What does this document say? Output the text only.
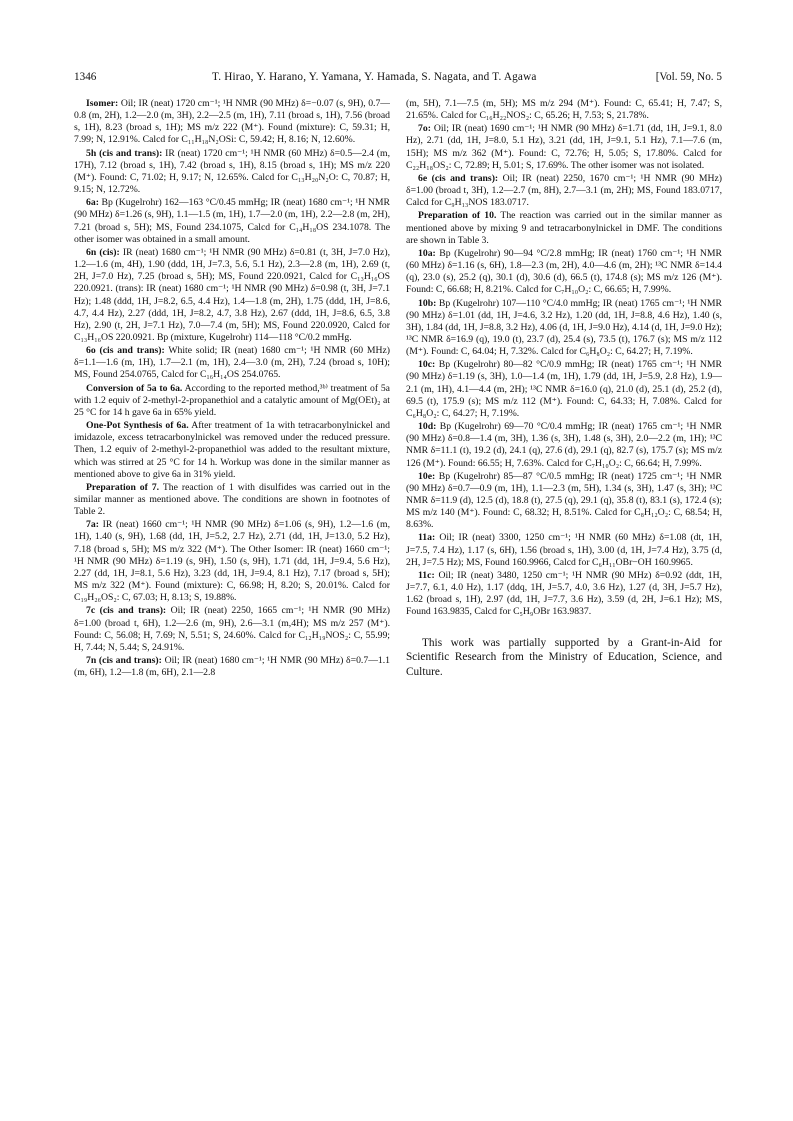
1346	T. Hirao, Y. Harano, Y. Yamana, Y. Hamada, S. Nagata, and T. Agawa	[Vol. 59, No. 5

Isomer: Oil; IR (neat) 1720 cm⁻¹; ¹H NMR (90 MHz) δ=−0.07 (s, 9H), 0.7—0.8 (m, 2H), 1.2—2.0 (m, 3H), 2.2—2.5 (m, 1H), 7.11 (broad s, 1H), 7.56 (broad s, 1H), 8.23 (broad s, 1H); MS m/z 222 (M⁺). Found (mixture): C, 59.31; H, 7.99; N, 12.91%. Calcd for C₁₁H₁₈N₂OSi: C, 59.42; H, 8.16; N, 12.60%.

5h (cis and trans): IR (neat) 1720 cm⁻¹; ¹H NMR (60 MHz) δ=0.5—2.4 (m, 17H), 7.12 (broad s, 1H), 7.42 (broad s, 1H), 8.15 (broad s, 1H); MS m/z 220 (M⁺). Found: C, 71.02; H, 9.17; N, 12.65%. Calcd for C₁₃H₂₀N₂O: C, 70.87; H, 9.15; N, 12.72%.

6a: Bp (Kugelrohr) 162—163 °C/0.45 mmHg; IR (neat) 1680 cm⁻¹; ¹H NMR (90 MHz) δ=1.26 (s, 9H), 1.1—1.5 (m, 1H), 1.7—2.0 (m, 1H), 2.2—2.8 (m, 2H), 7.21 (broad s, 5H); MS, Found 234.1075, Calcd for C₁₄H₁₈OS 234.1078. The other isomer was obtained in a small amount.

6n (cis): IR (neat) 1680 cm⁻¹; ¹H NMR (90 MHz) δ=0.81 (t, 3H, J=7.0 Hz), 1.2—1.6 (m, 4H), 1.90 (ddd, 1H, J=7.3, 5.6, 5.1 Hz), 2.3—2.8 (m, 1H), 2.69 (t, 2H, J=7.0 Hz), 7.25 (broad s, 5H); MS, Found 220.0921, Calcd for C₁₃H₁₆OS 220.0921. (trans): IR (neat) 1680 cm⁻¹; ¹H NMR (90 MHz) δ=0.98 (t, 3H, J=7.1 Hz); 1.48 (ddd, 1H, J=8.2, 6.5, 4.4 Hz), 1.4—1.8 (m, 2H), 1.75 (ddd, 1H, J=8.6, 4.7, 4.4 Hz), 2.27 (ddd, 1H, J=8.2, 4.7, 3.8 Hz), 2.67 (ddd, 1H, J=8.6, 6.5, 3.8 Hz), 2.90 (t, 2H, J=7.1 Hz), 7.0—7.4 (m, 5H); MS, Found 220.0920, Calcd for C₁₃H₁₆OS 220.0921. Bp (mixture, Kugelrohr) 114—118 °C/0.2 mmHg.

6o (cis and trans): White solid; IR (neat) 1680 cm⁻¹; ¹H NMR (60 MHz) δ=1.1—1.6 (m, 1H), 1.7—2.1 (m, 1H), 2.4—3.0 (m, 2H), 7.24 (broad s, 10H); MS, Found 254.0765, Calcd for C₁₆H₁₄OS 254.0765.

Conversion of 5a to 6a. According to the reported method,³ᵇ⁾ treatment of 5a with 1.2 equiv of 2-methyl-2-propanethiol and a catalytic amount of Mg(OEt)₂ at 25 °C for 14 h gave 6a in 65% yield.

One-Pot Synthesis of 6a. After treatment of 1a with tetracarbonylnickel and imidazole, excess tetracarbonylnickel was removed under the reduced pressure. Then, 1.2 equiv of 2-methyl-2-propanethiol was added to the resultant mixture, which was stirred at 25 °C for 14 h. Workup was done in the similar manner as mentioned above to give 6a in 31% yield.

Preparation of 7. The reaction of 1 with disulfides was carried out in the similar manner as mentioned above. The conditions are shown in footnotes of Table 2.

7a: IR (neat) 1660 cm⁻¹; ¹H NMR (90 MHz) δ=1.06 (s, 9H), 1.2—1.6 (m, 1H), 1.40 (s, 9H), 1.68 (dd, 1H, J=5.2, 2.7 Hz), 2.71 (dd, 1H, J=13.0, 5.2 Hz), 7.18 (broad s, 5H); MS m/z 322 (M⁺). The Other Isomer: IR (neat) 1660 cm⁻¹; ¹H NMR (90 MHz) δ=1.19 (s, 9H), 1.50 (s, 9H), 1.71 (dd, 1H, J=9.4, 5.6 Hz), 2.27 (dd, 1H, J=8.1, 5.6 Hz), 3.23 (dd, 1H, J=9.4, 8.1 Hz), 7.17 (broad s, 5H); MS m/z 322 (M⁺). Found (mixture): C, 66.98; H, 8.20; S, 20.01%. Calcd for C₁₉H₂₆OS₂: C, 67.03; H, 8.13; S, 19.88%.

7c (cis and trans): Oil; IR (neat) 2250, 1665 cm⁻¹; ¹H NMR (90 MHz) δ=1.00 (broad t, 6H), 1.2—2.6 (m, 9H), 2.6—3.1 (m,4H); MS m/z 257 (M⁺). Found: C, 56.08; H, 7.69; N, 5.51; S, 24.60%. Calcd for C₁₂H₁₉NOS₂: C, 55.99; H, 7.44; N, 5.44; S, 24.91%.

7n (cis and trans): Oil; IR (neat) 1680 cm⁻¹; ¹H NMR (90 MHz) δ=0.7—1.1 (m, 6H), 1.2—1.8 (m, 6H), 2.1—2.8

(m, 5H), 7.1—7.5 (m, 5H); MS m/z 294 (M⁺). Found: C, 65.41; H, 7.47; S, 21.65%. Calcd for C₁₆H₂₂NOS₂: C, 65.26; H, 7.53; S, 21.78%.

7o: Oil; IR (neat) 1690 cm⁻¹; ¹H NMR (90 MHz) δ=1.71 (dd, 1H, J=9.1, 8.0 Hz), 2.71 (dd, 1H, J=8.0, 5.1 Hz), 3.21 (dd, 1H, J=9.1, 5.1 Hz), 7.1—7.6 (m, 15H); MS m/z 362 (M⁺). Found: C, 72.76; H, 5.05; S, 17.80%. Calcd for C₂₂H₁₈OS₂: C, 72.89; H, 5.01; S, 17.69%. The other isomer was not isolated.

6e (cis and trans): Oil; IR (neat) 2250, 1670 cm⁻¹; ¹H NMR (90 MHz) δ=1.00 (broad t, 3H), 1.2—2.7 (m, 8H), 2.7—3.1 (m, 2H); MS, Found 183.0717, Calcd for C₉H₁₃NOS 183.0717.

Preparation of 10. The reaction was carried out in the similar manner as mentioned above by mixing 9 and tetracarbonylnickel in DMF. The conditions are shown in Table 3.

10a: Bp (Kugelrohr) 90—94 °C/2.8 mmHg; IR (neat) 1760 cm⁻¹; ¹H NMR (60 MHz) δ=1.16 (s, 6H), 1.8—2.3 (m, 2H), 4.0—4.6 (m, 2H); ¹³C NMR δ=14.4 (q), 23.0 (s), 25.2 (q), 30.1 (d), 30.6 (d), 66.5 (t), 174.8 (s); MS m/z 126 (M⁺). Found: C, 66.68; H, 8.21%. Calcd for C₇H₁₀O₂: C, 66.65; H, 7.99%.

10b: Bp (Kugelrohr) 107—110 °C/4.0 mmHg; IR (neat) 1765 cm⁻¹; ¹H NMR (90 MHz) δ=1.01 (dd, 1H, J=4.6, 3.2 Hz), 1.20 (dd, 1H, J=8.8, 4.6 Hz), 1.40 (s, 3H), 1.84 (dd, 1H, J=8.8, 3.2 Hz), 4.06 (d, 1H, J=9.0 Hz), 4.14 (d, 1H, J=9.0 Hz); ¹³C NMR δ=16.9 (q), 19.0 (t), 23.7 (d), 25.4 (s), 73.5 (t), 176.7 (s); MS m/z 112 (M⁺). Found: C, 64.04; H, 7.32%. Calcd for C₆H₈O₂: C, 64.27; H, 7.19%.

10c: Bp (Kugelrohr) 80—82 °C/0.9 mmHg; IR (neat) 1765 cm⁻¹; ¹H NMR (90 MHz) δ=1.19 (s, 3H), 1.0—1.4 (m, 1H), 1.79 (dd, 1H, J=5.9, 2.8 Hz), 1.9—2.1 (m, 1H), 4.1—4.4 (m, 2H); ¹³C NMR δ=16.0 (q), 21.0 (d), 25.1 (d), 25.2 (d), 69.5 (t), 175.9 (s); MS m/z 112 (M⁺). Found: C, 64.33; H, 7.08%. Calcd for C₆H₈O₂: C, 64.27; H, 7.19%.

10d: Bp (Kugelrohr) 69—70 °C/0.4 mmHg; IR (neat) 1765 cm⁻¹; ¹H NMR (90 MHz) δ=0.8—1.4 (m, 3H), 1.36 (s, 3H), 1.48 (s, 3H), 2.0—2.2 (m, 1H); ¹³C NMR δ=11.1 (t), 19.2 (d), 24.1 (q), 27.6 (d), 29.1 (q), 82.7 (s), 175.7 (s); MS m/z 126 (M⁺). Found: 66.55; H, 7.63%. Calcd for C₇H₁₀O₂: C, 66.64; H, 7.99%.

10e: Bp (Kugelrohr) 85—87 °C/0.5 mmHg; IR (neat) 1725 cm⁻¹; ¹H NMR (90 MHz) δ=0.7—0.9 (m, 1H), 1.1—2.3 (m, 5H), 1.34 (s, 3H), 1.47 (s, 3H); ¹³C NMR δ=11.9 (d), 12.5 (d), 18.8 (t), 27.5 (q), 29.1 (q), 35.8 (t), 83.1 (s), 172.4 (s); MS m/z 140 (M⁺). Found: C, 68.32; H, 8.51%. Calcd for C₈H₁₂O₂: C, 68.54; H, 8.63%.

11a: Oil; IR (neat) 3300, 1250 cm⁻¹; ¹H NMR (60 MHz) δ=1.08 (dt, 1H, J=7.5, 7.4 Hz), 1.17 (s, 6H), 1.56 (broad s, 1H), 3.00 (d, 1H, J=7.4 Hz), 3.75 (d, 2H, J=7.5 Hz); MS, Found 160.9966, Calcd for C₆H₁₁OBr−OH 160.9965.

11c: Oil; IR (neat) 3480, 1250 cm⁻¹; ¹H NMR (90 MHz) δ=0.92 (ddt, 1H, J=7.7, 6.1, 4.0 Hz), 1.17 (ddq, 1H, J=5.7, 4.0, 3.6 Hz), 1.27 (d, 3H, J=5.7 Hz), 1.62 (broad s, 1H), 2.97 (dd, 1H, J=7.7, 3.6 Hz), 3.59 (d, 2H, J=6.1 Hz); MS, Found 163.9835, Calcd for C₅H₉OBr 163.9837.

This work was partially supported by a Grant-in-Aid for Scientific Research from the Ministry of Education, Science, and Culture.
